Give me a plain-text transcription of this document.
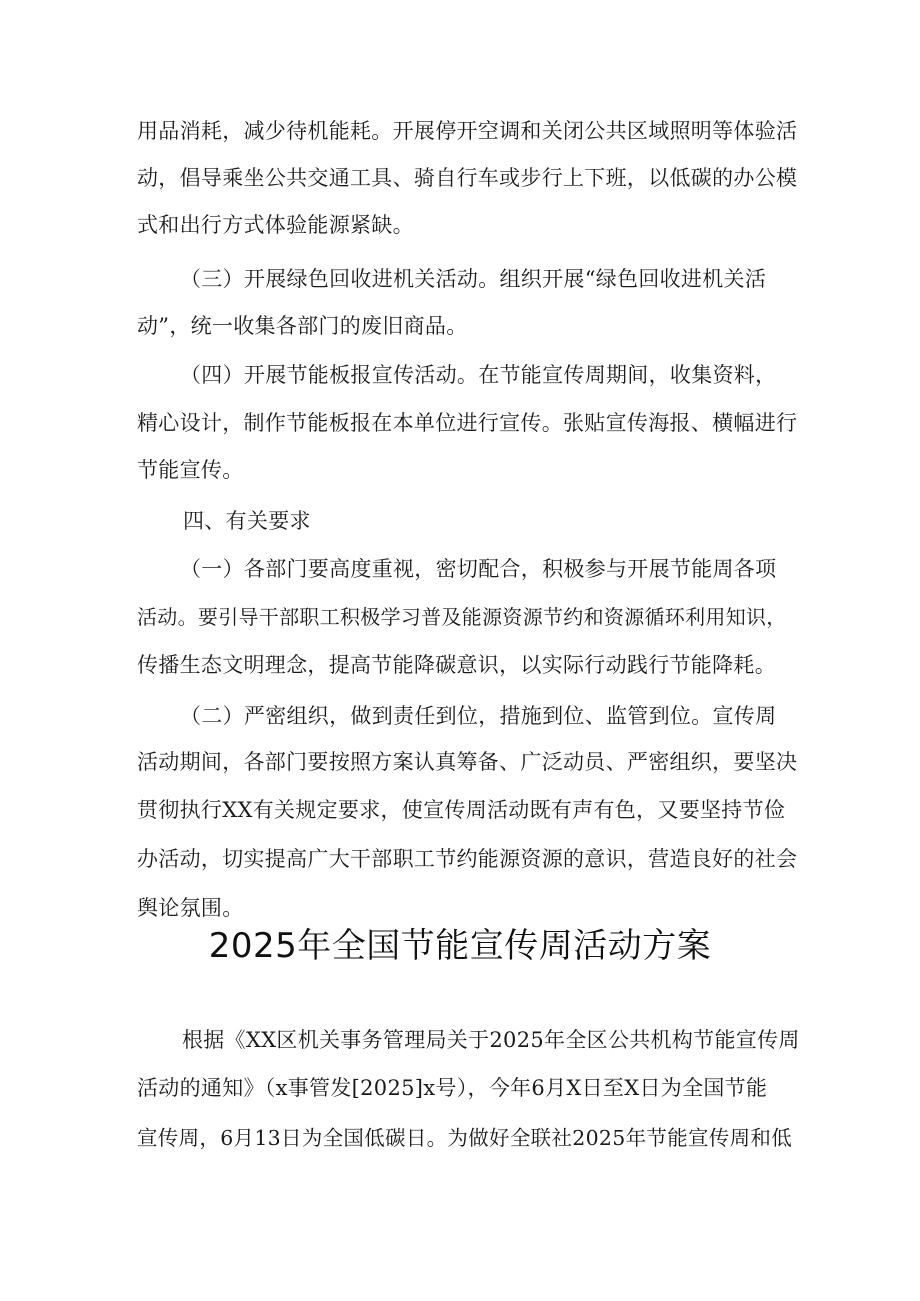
用品消耗，减少待机能耗。开展停开空调和关闭公共区域照明等体验活
动，倡导乘坐公共交通工具、骑自行车或步行上下班，以低碳的办公模
式和出行方式体验能源紧缺。
（三）开展绿色回收进机关活动。组织开展“绿色回收进机关活
动”，统一收集各部门的废旧商品。
（四）开展节能板报宣传活动。在节能宣传周期间，收集资料，
精心设计，制作节能板报在本单位进行宣传。张贴宣传海报、横幅进行
节能宣传。
四、有关要求
（一）各部门要高度重视，密切配合，积极参与开展节能周各项
活动。要引导干部职工积极学习普及能源资源节约和资源循环利用知识，
传播生态文明理念，提高节能降碳意识，以实际行动践行节能降耗。
（二）严密组织，做到责任到位，措施到位、监管到位。宣传周
活动期间，各部门要按照方案认真筹备、广泛动员、严密组织，要坚决
贯彻执行XX有关规定要求，使宣传周活动既有声有色，又要坚持节俭
办活动，切实提高广大干部职工节约能源资源的意识，营造良好的社会
舆论氛围。
2025年全国节能宣传周活动方案
根据《XX区机关事务管理局关于2025年全区公共机构节能宣传周
活动的通知》（x事管发[2025]x号），今年6月X日至X日为全国节能
宣传周，6月13日为全国低碳日。为做好全联社2025年节能宣传周和低
